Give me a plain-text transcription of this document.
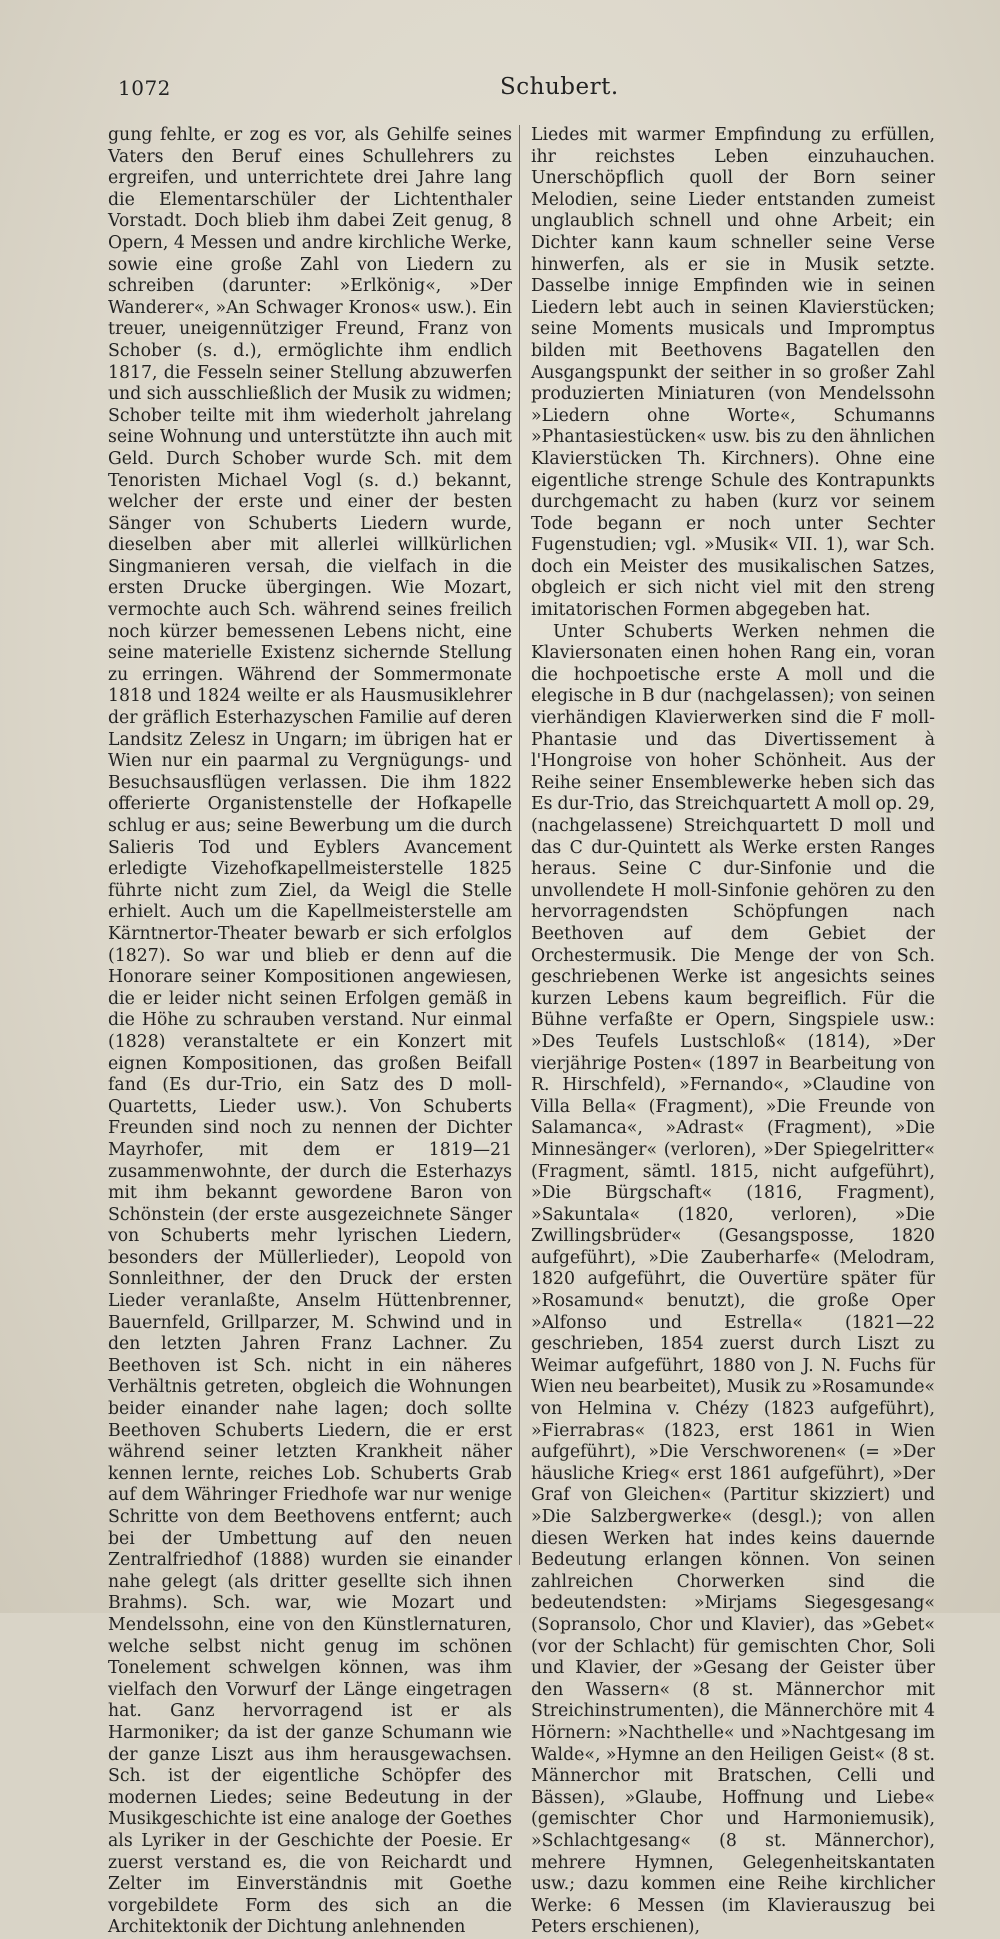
1072	Schubert.

gung fehlte, er zog es vor, als Gehilfe seines Vaters den Beruf eines Schullehrers zu ergreifen, und unterrichtete drei Jahre lang die Elementarschüler der Lichtenthaler Vorstadt. Doch blieb ihm dabei Zeit genug, 8 Opern, 4 Messen und andre kirchliche Werke, sowie eine große Zahl von Liedern zu schreiben (darunter: »Erlkönig«, »Der Wanderer«, »An Schwager Kronos« usw.). Ein treuer, uneigennütziger Freund, Franz von Schober (s. d.), ermöglichte ihm endlich 1817, die Fesseln seiner Stellung abzuwerfen und sich ausschließlich der Musik zu widmen; Schober teilte mit ihm wiederholt jahrelang seine Wohnung und unterstützte ihn auch mit Geld. Durch Schober wurde Sch. mit dem Tenoristen Michael Vogl (s. d.) bekannt, welcher der erste und einer der besten Sänger von Schuberts Liedern wurde, dieselben aber mit allerlei willkürlichen Singmanieren versah, die vielfach in die ersten Drucke übergingen. Wie Mozart, vermochte auch Sch. während seines freilich noch kürzer bemessenen Lebens nicht, eine seine materielle Existenz sichernde Stellung zu erringen. Während der Sommermonate 1818 und 1824 weilte er als Hausmusiklehrer der gräflich Esterhazyschen Familie auf deren Landsitz Zelesz in Ungarn; im übrigen hat er Wien nur ein paarmal zu Vergnügungs- und Besuchsausflügen verlassen. Die ihm 1822 offerierte Organistenstelle der Hofkapelle schlug er aus; seine Bewerbung um die durch Salieris Tod und Eyblers Avancement erledigte Vizehofkapellmeisterstelle 1825 führte nicht zum Ziel, da Weigl die Stelle erhielt. Auch um die Kapellmeisterstelle am Kärntnertor-Theater bewarb er sich erfolglos (1827). So war und blieb er denn auf die Honorare seiner Kompositionen angewiesen, die er leider nicht seinen Erfolgen gemäß in die Höhe zu schrauben verstand. Nur einmal (1828) veranstaltete er ein Konzert mit eignen Kompositionen, das großen Beifall fand (Es dur-Trio, ein Satz des D moll-Quartetts, Lieder usw.). Von Schuberts Freunden sind noch zu nennen der Dichter Mayrhofer, mit dem er 1819—21 zusammenwohnte, der durch die Esterhazys mit ihm bekannt gewordene Baron von Schönstein (der erste ausgezeichnete Sänger von Schuberts mehr lyrischen Liedern, besonders der Müllerlieder), Leopold von Sonnleithner, der den Druck der ersten Lieder veranlaßte, Anselm Hüttenbrenner, Bauernfeld, Grillparzer, M. Schwind und in den letzten Jahren Franz Lachner. Zu Beethoven ist Sch. nicht in ein näheres Verhältnis getreten, obgleich die Wohnungen beider einander nahe lagen; doch sollte Beethoven Schuberts Liedern, die er erst während seiner letzten Krankheit näher kennen lernte, reiches Lob. Schuberts Grab auf dem Währinger Friedhofe war nur wenige Schritte von dem Beethovens entfernt; auch bei der Umbettung auf den neuen Zentralfriedhof (1888) wurden sie einander nahe gelegt (als dritter gesellte sich ihnen Brahms). Sch. war, wie Mozart und Mendelssohn, eine von den Künstlernaturen, welche selbst nicht genug im schönen Tonelement schwelgen können, was ihm vielfach den Vorwurf der Länge eingetragen hat. Ganz hervorragend ist er als Harmoniker; da ist der ganze Schumann wie der ganze Liszt aus ihm herausgewachsen. Sch. ist der eigentliche Schöpfer des modernen Liedes; seine Bedeutung in der Musikgeschichte ist eine analoge der Goethes als Lyriker in der Geschichte der Poesie. Er zuerst verstand es, die von Reichardt und Zelter im Einverständnis mit Goethe vorgebildete Form des sich an die Architektonik der Dichtung anlehnenden

Liedes mit warmer Empfindung zu erfüllen, ihr reichstes Leben einzuhauchen. Unerschöpflich quoll der Born seiner Melodien, seine Lieder entstanden zumeist unglaublich schnell und ohne Arbeit; ein Dichter kann kaum schneller seine Verse hinwerfen, als er sie in Musik setzte. Dasselbe innige Empfinden wie in seinen Liedern lebt auch in seinen Klavierstücken; seine Moments musicals und Impromptus bilden mit Beethovens Bagatellen den Ausgangspunkt der seither in so großer Zahl produzierten Miniaturen (von Mendelssohn »Liedern ohne Worte«, Schumanns »Phantasiestücken« usw. bis zu den ähnlichen Klavierstücken Th. Kirchners). Ohne eine eigentliche strenge Schule des Kontrapunkts durchgemacht zu haben (kurz vor seinem Tode begann er noch unter Sechter Fugenstudien; vgl. »Musik« VII. 1), war Sch. doch ein Meister des musikalischen Satzes, obgleich er sich nicht viel mit den streng imitatorischen Formen abgegeben hat.

Unter Schuberts Werken nehmen die Klaviersonaten einen hohen Rang ein, voran die hochpoetische erste A moll und die elegische in B dur (nachgelassen); von seinen vierhändigen Klavierwerken sind die F moll-Phantasie und das Divertissement à l'Hongroise von hoher Schönheit. Aus der Reihe seiner Ensemblewerke heben sich das Es dur-Trio, das Streichquartett A moll op. 29, (nachgelassene) Streichquartett D moll und das C dur-Quintett als Werke ersten Ranges heraus. Seine C dur-Sinfonie und die unvollendete H moll-Sinfonie gehören zu den hervorragendsten Schöpfungen nach Beethoven auf dem Gebiet der Orchestermusik. Die Menge der von Sch. geschriebenen Werke ist angesichts seines kurzen Lebens kaum begreiflich. Für die Bühne verfaßte er Opern, Singspiele usw.: »Des Teufels Lustschloß« (1814), »Der vierjährige Posten« (1897 in Bearbeitung von R. Hirschfeld), »Fernando«, »Claudine von Villa Bella« (Fragment), »Die Freunde von Salamanca«, »Adrast« (Fragment), »Die Minnesänger« (verloren), »Der Spiegelritter« (Fragment, sämtl. 1815, nicht aufgeführt), »Die Bürgschaft« (1816, Fragment), »Sakuntala« (1820, verloren), »Die Zwillingsbrüder« (Gesangsposse, 1820 aufgeführt), »Die Zauberharfe« (Melodram, 1820 aufgeführt, die Ouvertüre später für »Rosamund« benutzt), die große Oper »Alfonso und Estrella« (1821—22 geschrieben, 1854 zuerst durch Liszt zu Weimar aufgeführt, 1880 von J. N. Fuchs für Wien neu bearbeitet), Musik zu »Rosamunde« von Helmina v. Chézy (1823 aufgeführt), »Fierrabras« (1823, erst 1861 in Wien aufgeführt), »Die Verschworenen« (= »Der häusliche Krieg« erst 1861 aufgeführt), »Der Graf von Gleichen« (Partitur skizziert) und »Die Salzbergwerke« (desgl.); von allen diesen Werken hat indes keins dauernde Bedeutung erlangen können. Von seinen zahlreichen Chorwerken sind die bedeutendsten: »Mirjams Siegesgesang« (Sopransolo, Chor und Klavier), das »Gebet« (vor der Schlacht) für gemischten Chor, Soli und Klavier, der »Gesang der Geister über den Wassern« (8 st. Männerchor mit Streichinstrumenten), die Männerchöre mit 4 Hörnern: »Nachthelle« und »Nachtgesang im Walde«, »Hymne an den Heiligen Geist« (8 st. Männerchor mit Bratschen, Celli und Bässen), »Glaube, Hoffnung und Liebe« (gemischter Chor und Harmoniemusik), »Schlachtgesang« (8 st. Männerchor), mehrere Hymnen, Gelegenheitskantaten usw.; dazu kommen eine Reihe kirchlicher Werke: 6 Messen (im Klavierauszug bei Peters erschienen),
